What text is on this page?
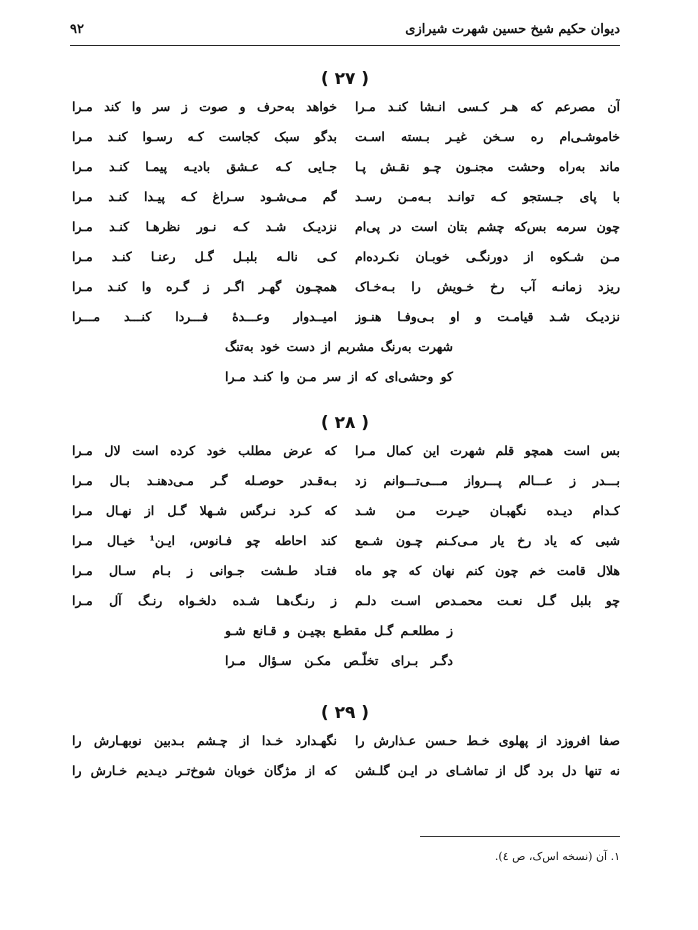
دیوان حکیم شیخ حسین شهرت شیرازی
۹۲
( ۲۷ )
آن مصرعم که هـر کـسی انـشا کنـد مـرا
خواهد به‌حرف و صوت ز سر وا کند مـرا
خاموشـی‌ام ره سـخن غیـر بـسته اسـت
بدگو سبک کجاست کـه رسـوا کنـد مـرا
ماند به‌راه وحشت مجنـون چـو نقـش پـا
جـایی کـه عـشق بادیـه پیمـا کنـد مـرا
با پای جـستجو کـه توانـد بـه‌مـن رسـد
گم مـی‌شـود سـراغ کـه پیـدا کنـد مـرا
چون سرمه بس‌که چشم بتان است در پی‌ام
نزدیـک شـد کـه نـور نظرهـا کنـد مـرا
مـن شـکوه از دورنگـی خوبـان نکـرده‌ام
کـی نالـه بلبـل گـل رعنـا کنـد مـرا
ریزد زمانـه آب رخ خـویش را بـه‌خـاک
همچـون گهـر اگـر ز گـره وا کنـد مـرا
نزدیـک شـد قیامـت و او بـی‌وفـا هنـوز
امیــدوار وعـــدهٔ فـــردا کنـــد مـــرا
شهرت به‌رنگ مشربم از دست خود به‌تنگ
کو وحشی‌ای که از سر مـن وا کنـد مـرا
( ۲۸ )
بس است همچو قلم شهرت این کمال مـرا
که عرض مطلب خود کرده است لال مـرا
بـــدر ز عـــالم پـــرواز مـــی‌تـــوانم زد
بـه‌قـدر حوصـله گـر مـی‌دهنـد بـال مـرا
کـدام دیـده نگهبـان حیـرت مـن شـد
که کـرد نـرگس شـهلا گـل از نهـال مـرا
شبی که یاد رخ یار مـی‌کـنم چـون شـمع
کند احاطه چو فـانوس، ایـن¹ خیـال مـرا
هلال قامت خم چون کنم نهان که چو ماه
فتـاد طـشت جـوانی ز بـام سـال مـرا
چو بلبل گـل نعـت محمـد‌ص اسـت دلـم
ز رنـگ‌هـا شـده دلخـواه رنـگ آل مـرا
ز مطلعـم گـل مقطـع بچیـن و قـانع شـو
دگـر بـرای تخلّـص مکـن سـؤال مـرا
( ۲۹ )
صفا افروزد از پهلوی خـط حـسن عـذارش را
نگهـدارد خـدا از چـشم بـدبین نوبهـارش را
نه تنها دل برد گل از تماشـای در ایـن گلـشن
که از مژگان خوبان شوخ‌تـر دیـدیم خـارش را
۱. آن (نسخه اس‌ک، ص ٤).
